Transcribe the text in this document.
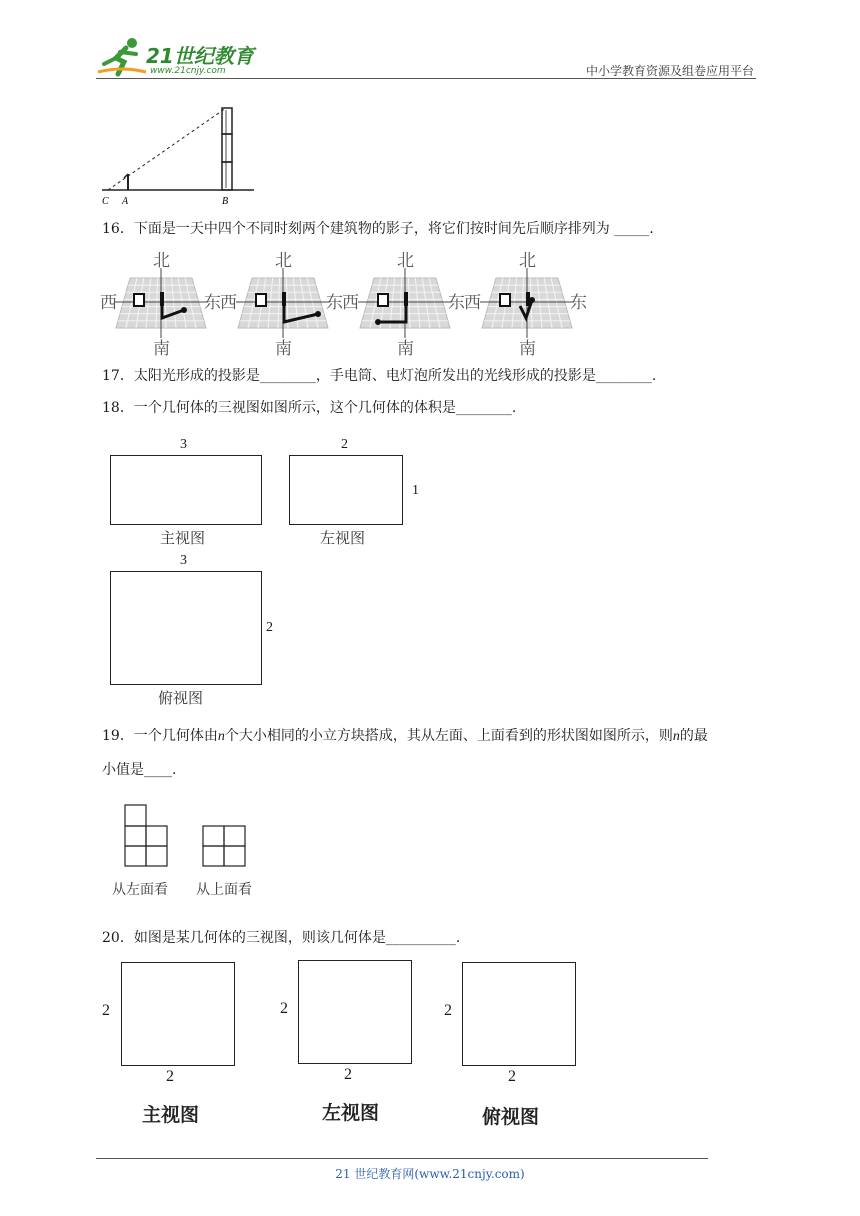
21世纪教育
www.21cnjy.com	中小学教育资源及组卷应用平台
C A	B
16．下面是一天中四个不同时刻两个建筑物的影子，将它们按时间先后顺序排列为 _____.
北
南
西	东
北
南
东
西
北
南
东
西
北
南
东
西
17．太阳光形成的投影是________，手电筒、电灯泡所发出的光线形成的投影是________.
18．一个几何体的三视图如图所示，这个几何体的体积是________.
3
主视图
2
1
左视图
3
2
俯视图
19．一个几何体由n个大小相同的小立方块搭成，其从左面、上面看到的形状图如图所示，则n的最
小值是____.
从左面看 从上面看
20．如图是某几何体的三视图，则该几何体是__________.
2
2
主视图
2
2
左视图
2
2
俯视图
21 世纪教育网(www.21cnjy.com)
